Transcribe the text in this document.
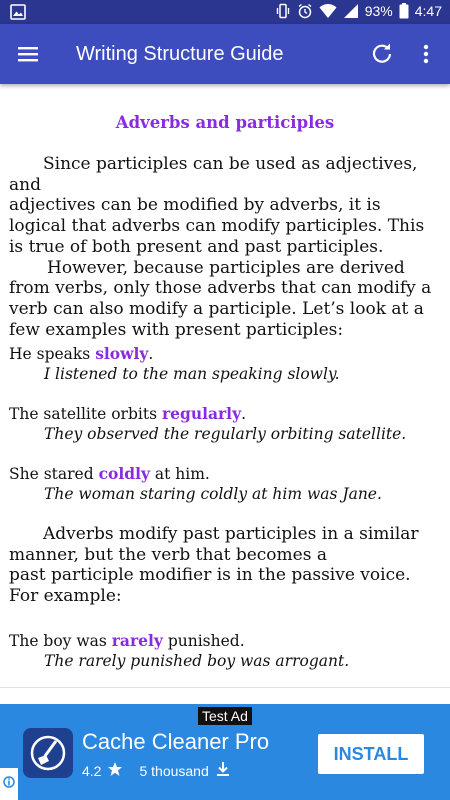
93% 4:47
Writing Structure Guide
Adverbs and participles
Since participles can be used as adjectives, and
adjectives can be modified by adverbs, it is
logical that adverbs can modify participles. This
is true of both present and past participles.
However, because participles are derived
from verbs, only those adverbs that can modify a
verb can also modify a participle. Let’s look at a
few examples with present participles:
He speaks slowly.
I listened to the man speaking slowly.
The satellite orbits regularly.
They observed the regularly orbiting satellite.
She stared coldly at him.
The woman staring coldly at him was Jane.
Adverbs modify past participles in a similar
manner, but the verb that becomes a
past participle modifier is in the passive voice.
For example:
The boy was rarely punished.
The rarely punished boy was arrogant.
Test Ad
Cache Cleaner Pro
4.2	5 thousand
INSTALL
